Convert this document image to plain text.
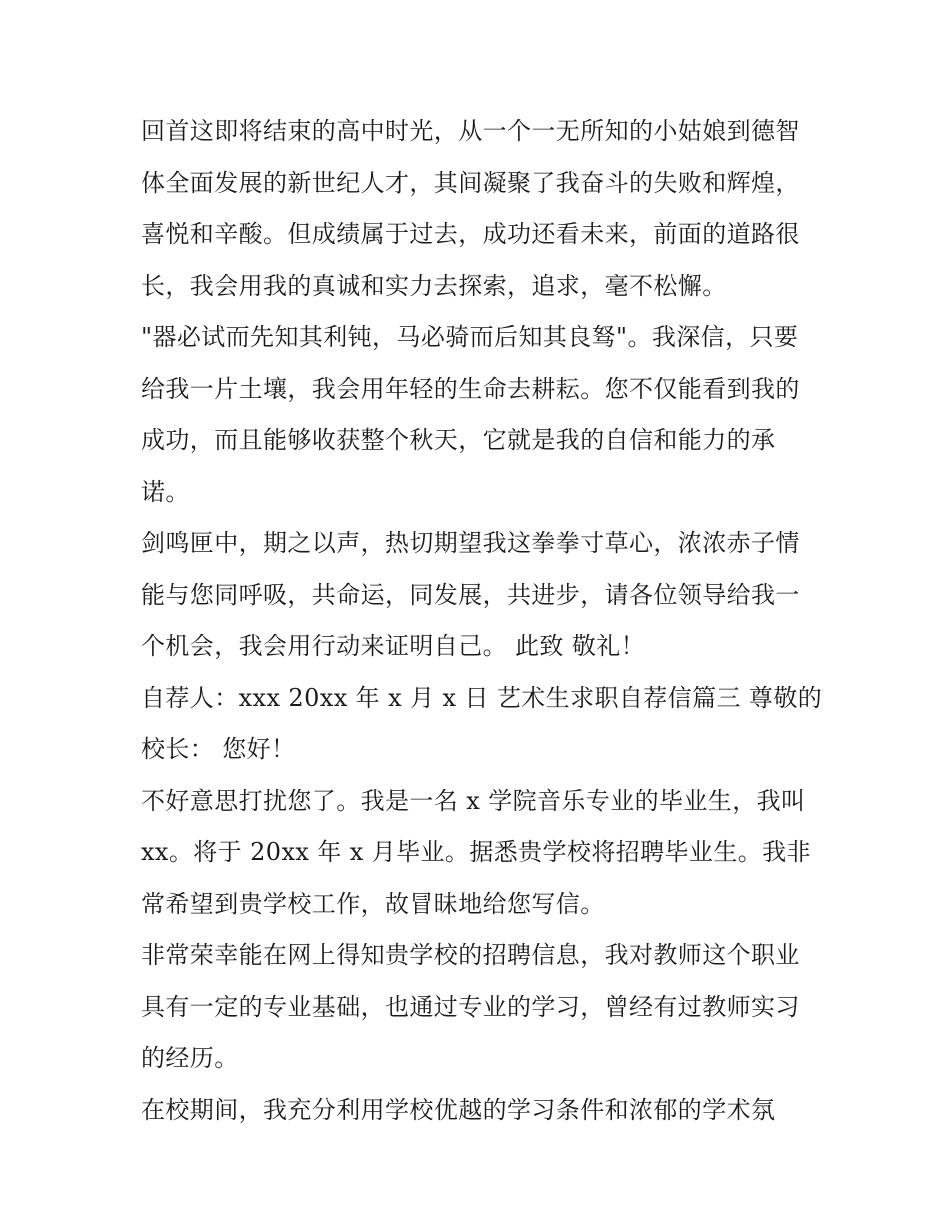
回首这即将结束的高中时光，从一个一无所知的小姑娘到德智
体全面发展的新世纪人才，其间凝聚了我奋斗的失败和辉煌，
喜悦和辛酸。但成绩属于过去，成功还看未来，前面的道路很
长，我会用我的真诚和实力去探索，追求，毫不松懈。
"器必试而先知其利钝，马必骑而后知其良驽"。我深信，只要
给我一片土壤，我会用年轻的生命去耕耘。您不仅能看到我的
成功，而且能够收获整个秋天，它就是我的自信和能力的承
诺。
剑鸣匣中，期之以声，热切期望我这拳拳寸草心，浓浓赤子情
能与您同呼吸，共命运，同发展，共进步，请各位领导给我一
个机会，我会用行动来证明自己。 此致 敬礼！
自荐人：xxx 20xx 年 x 月 x 日 艺术生求职自荐信篇三 尊敬的
校长： 您好！
不好意思打扰您了。我是一名 x 学院音乐专业的毕业生，我叫
xx。将于 20xx 年 x 月毕业。据悉贵学校将招聘毕业生。我非
常希望到贵学校工作，故冒昧地给您写信。
非常荣幸能在网上得知贵学校的招聘信息，我对教师这个职业
具有一定的专业基础，也通过专业的学习，曾经有过教师实习
的经历。
在校期间，我充分利用学校优越的学习条件和浓郁的学术氛
